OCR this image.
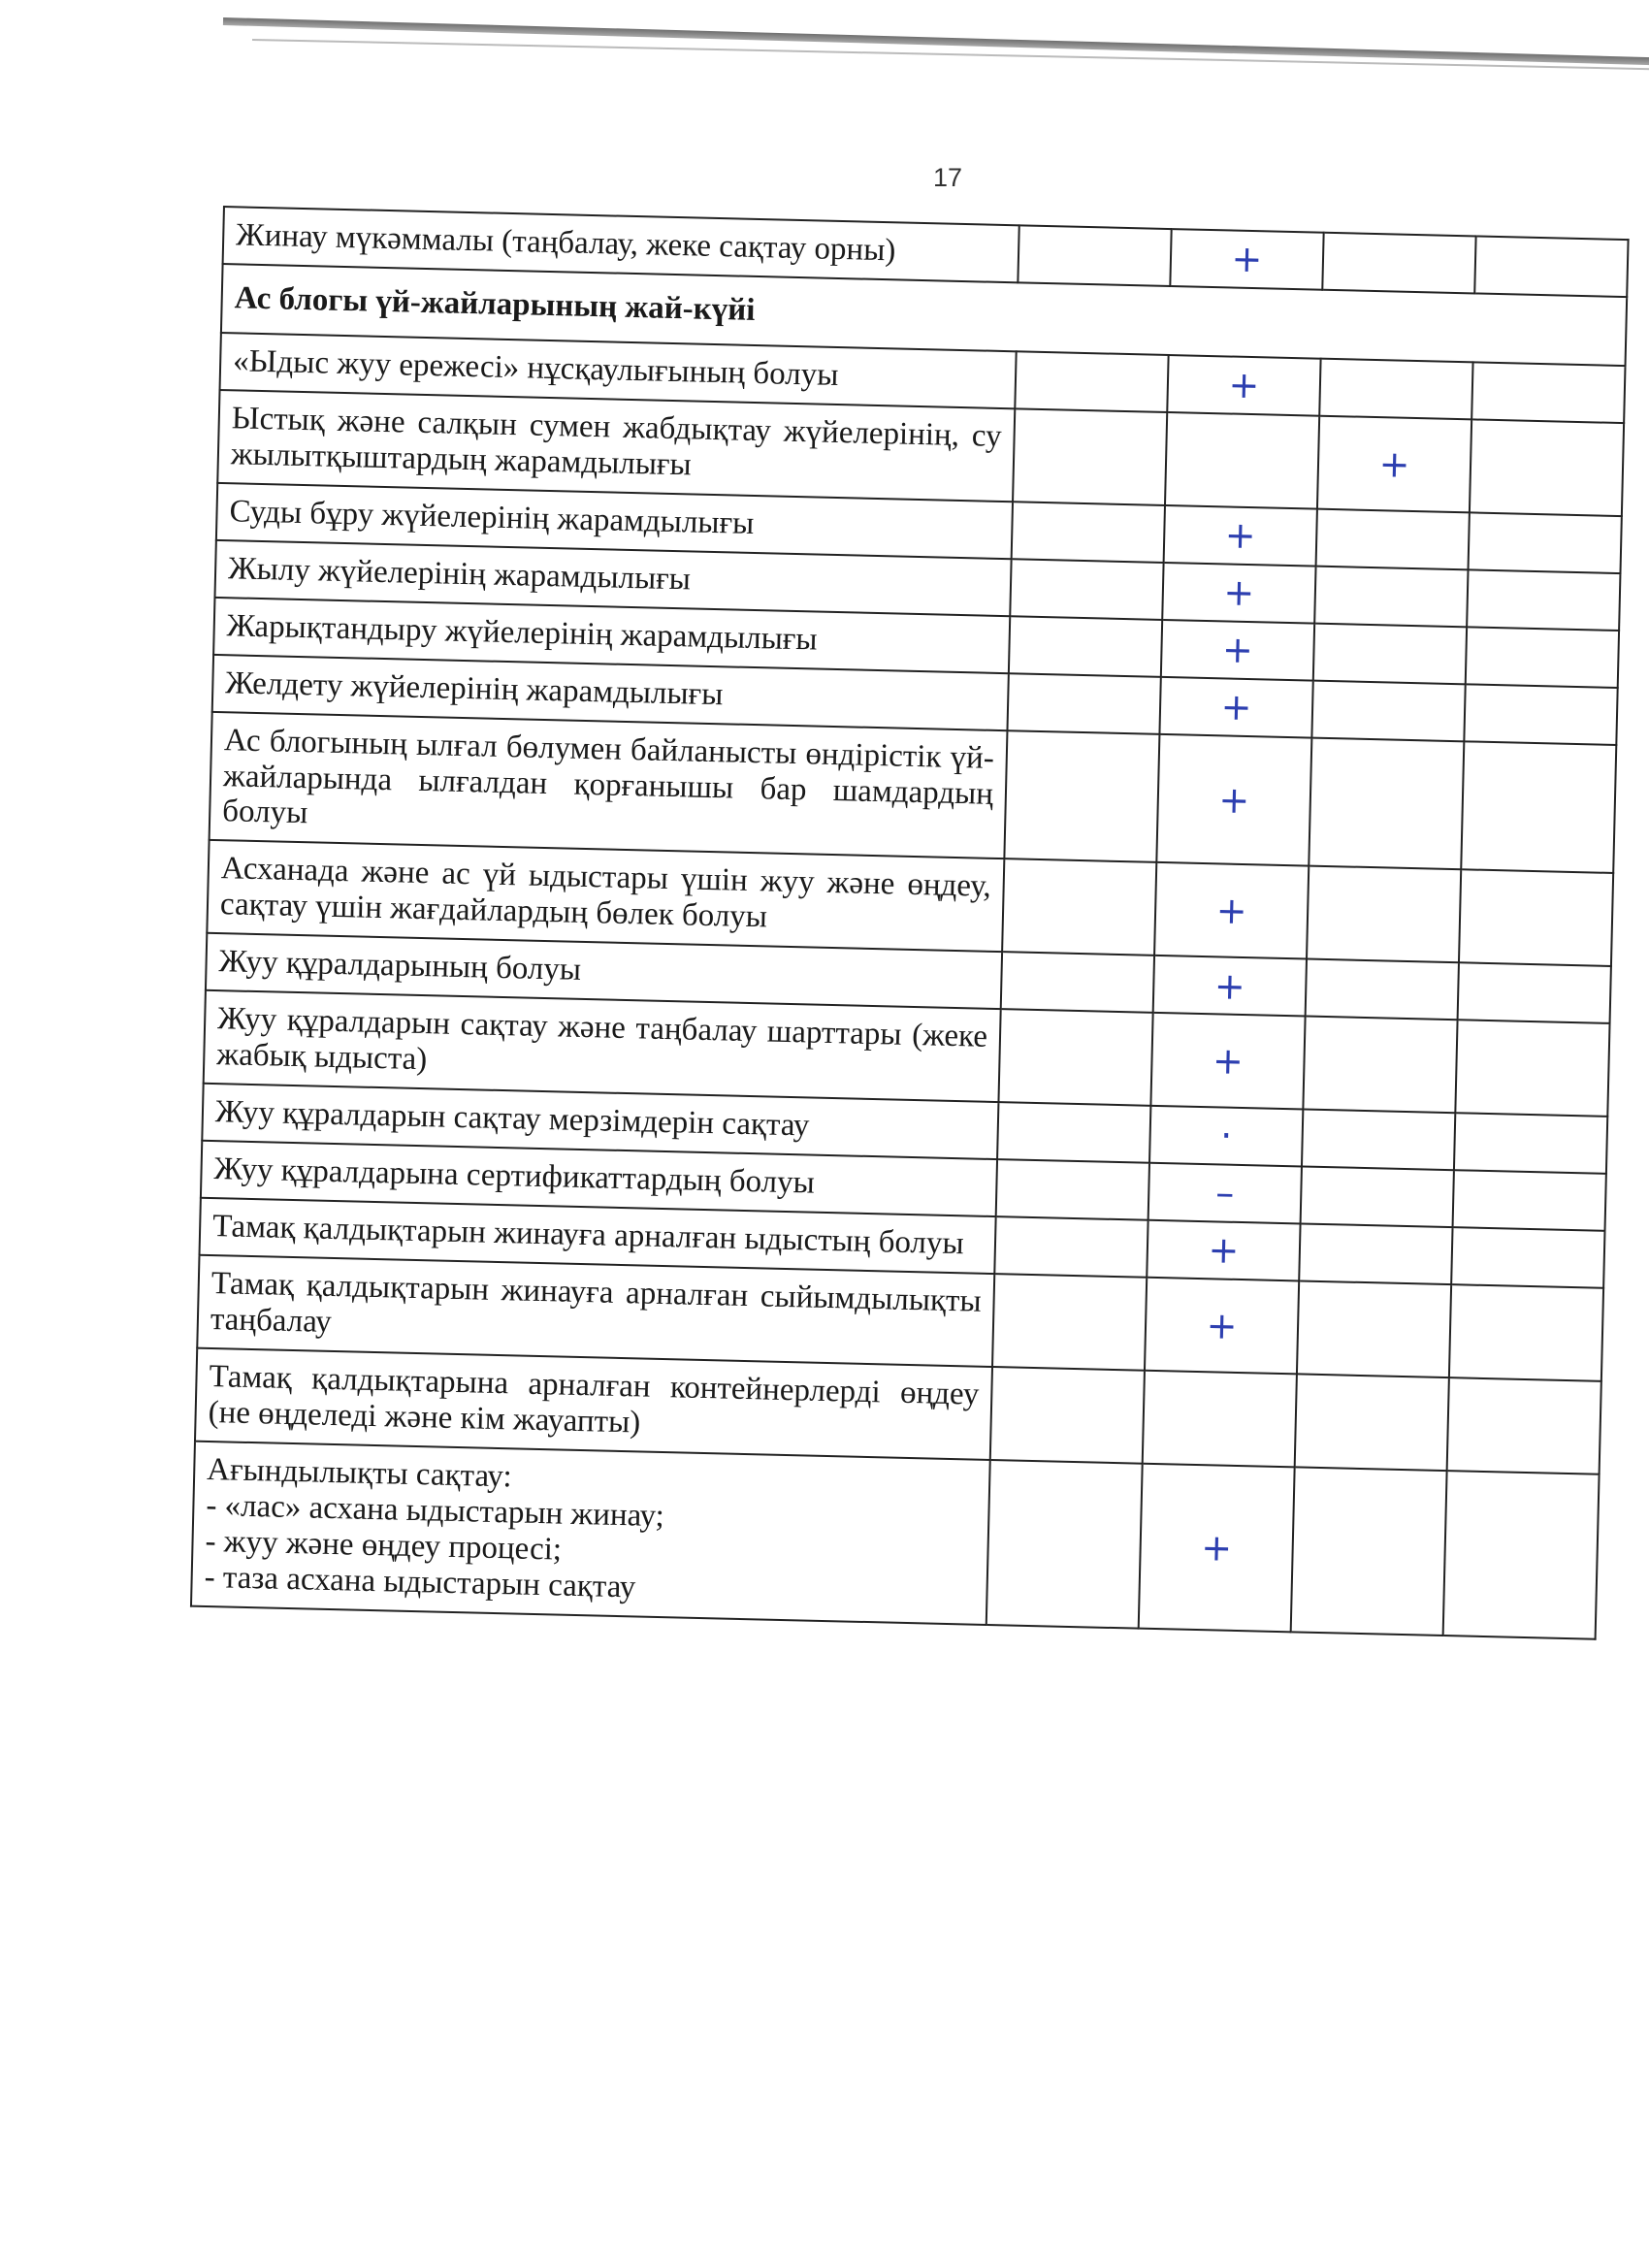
17
Жинау мүкәммалы (таңбалау, жеке сақтау орны)		+		

Ас блогы үй-жайларының жай-күйі				

«Ыдыс жуу ережесі» нұсқаулығының болуы		+		

Ыстық және салқын сумен жабдықтау жүйелерінің, су жылытқыштардың жарамдылығы			+	

Суды бұру жүйелерінің жарамдылығы		+		

Жылу жүйелерінің жарамдылығы		+		

Жарықтандыру жүйелерінің жарамдылығы		+		

Желдету жүйелерінің жарамдылығы		+		

Ас блогының ылғал бөлумен байланысты өндірістік үй-жайларында ылғалдан қорғанышы бар шамдардың болуы		+		

Асханада және ас үй ыдыстары үшін жуу және өңдеу, сақтау үшін жағдайлардың бөлек болуы		+		

Жуу құралдарының болуы		+		

Жуу құралдарын сақтау және таңбалау шарттары (жеке жабық ыдыста)		+		

Жуу құралдарын сақтау мерзімдерін сақтау		·		

Жуу құралдарына сертификаттардың болуы		–		

Тамақ қалдықтарын жинауға арналған ыдыстың болуы		+		

Тамақ қалдықтарын жинауға арналған сыйымдылықты таңбалау		+		

Тамақ қалдықтарына арналған контейнерлерді өңдеу (не өңделеді және кім жауапты)				

Ағындылықты сақтау:
- «лас» асхана ыдыстарын жинау;
- жуу және өңдеу процесі;
- таза асхана ыдыстарын сақтау		+		
